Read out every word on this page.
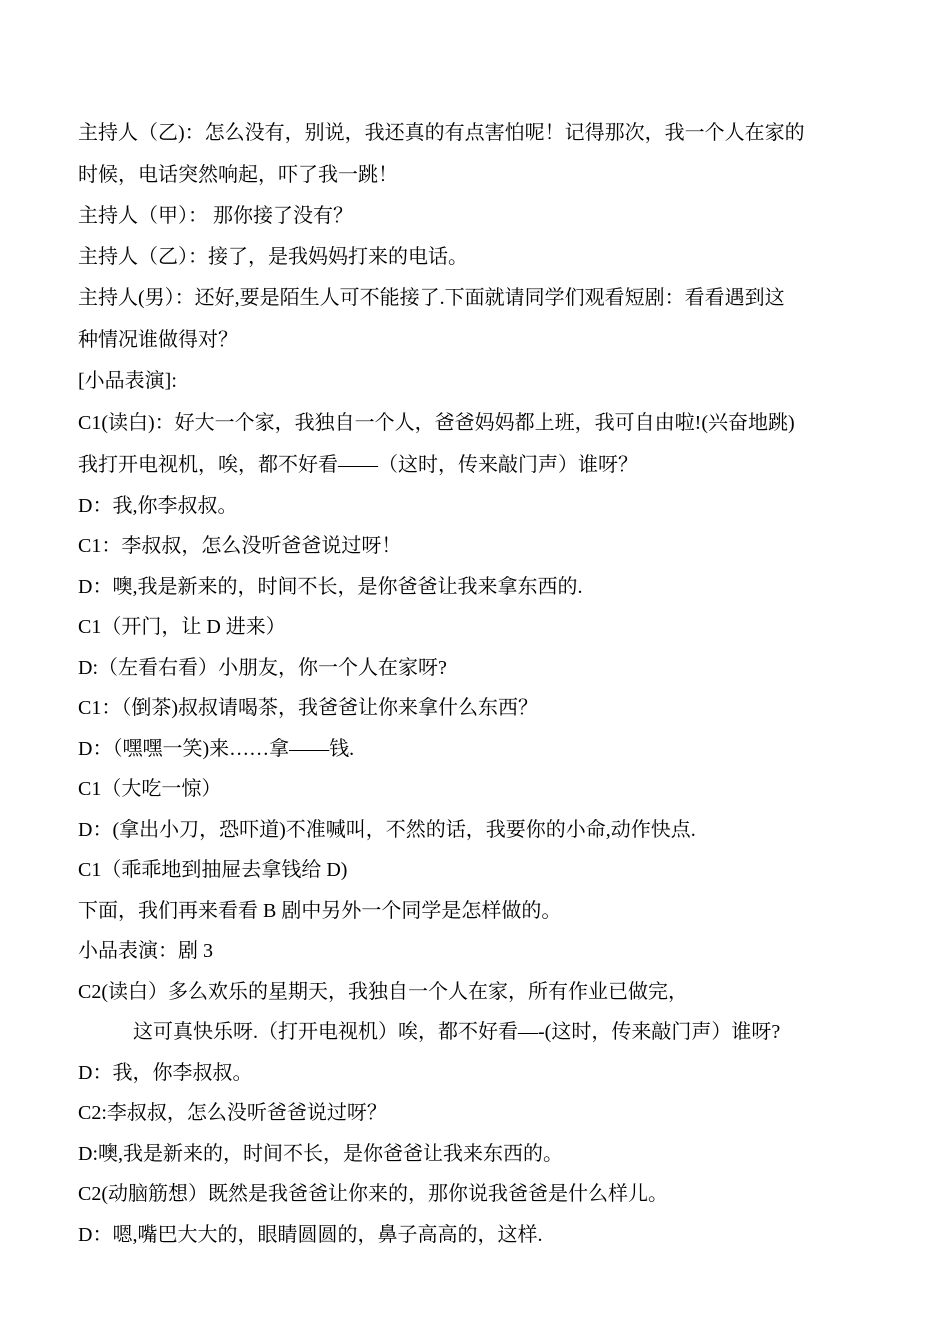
主持人（乙)：怎么没有，别说，我还真的有点害怕呢！记得那次，我一个人在家的
时候，电话突然响起，吓了我一跳！
主持人（甲）： 那你接了没有？
主持人（乙）：接了，是我妈妈打来的电话。
主持人(男）：还好,要是陌生人可不能接了.下面就请同学们观看短剧：看看遇到这
种情况谁做得对？
[小品表演]:
C1(读白)：好大一个家，我独自一个人，爸爸妈妈都上班，我可自由啦!(兴奋地跳)
我打开电视机，唉，都不好看——（这时，传来敲门声）谁呀？
D：我,你李叔叔。
C1：李叔叔，怎么没听爸爸说过呀！
D：噢,我是新来的，时间不长，是你爸爸让我来拿东西的.
C1（开门，让 D 进来）
D:（左看右看）小朋友，你一个人在家呀?
C1：（倒茶)叔叔请喝茶，我爸爸让你来拿什么东西？
D：（嘿嘿一笑)来……拿——钱.
C1（大吃一惊）
D：(拿出小刀，恐吓道)不准喊叫，不然的话，我要你的小命,动作快点.
C1（乖乖地到抽屉去拿钱给 D)
下面，我们再来看看 B 剧中另外一个同学是怎样做的。
小品表演：剧 3
C2(读白）多么欢乐的星期天，我独自一个人在家，所有作业已做完，
这可真快乐呀.（打开电视机）唉，都不好看—-(这时，传来敲门声）谁呀?
D：我，你李叔叔。
C2:李叔叔，怎么没听爸爸说过呀？
D:噢,我是新来的，时间不长，是你爸爸让我来东西的。
C2(动脑筋想）既然是我爸爸让你来的，那你说我爸爸是什么样儿。
D：嗯,嘴巴大大的，眼睛圆圆的，鼻子高高的，这样.
